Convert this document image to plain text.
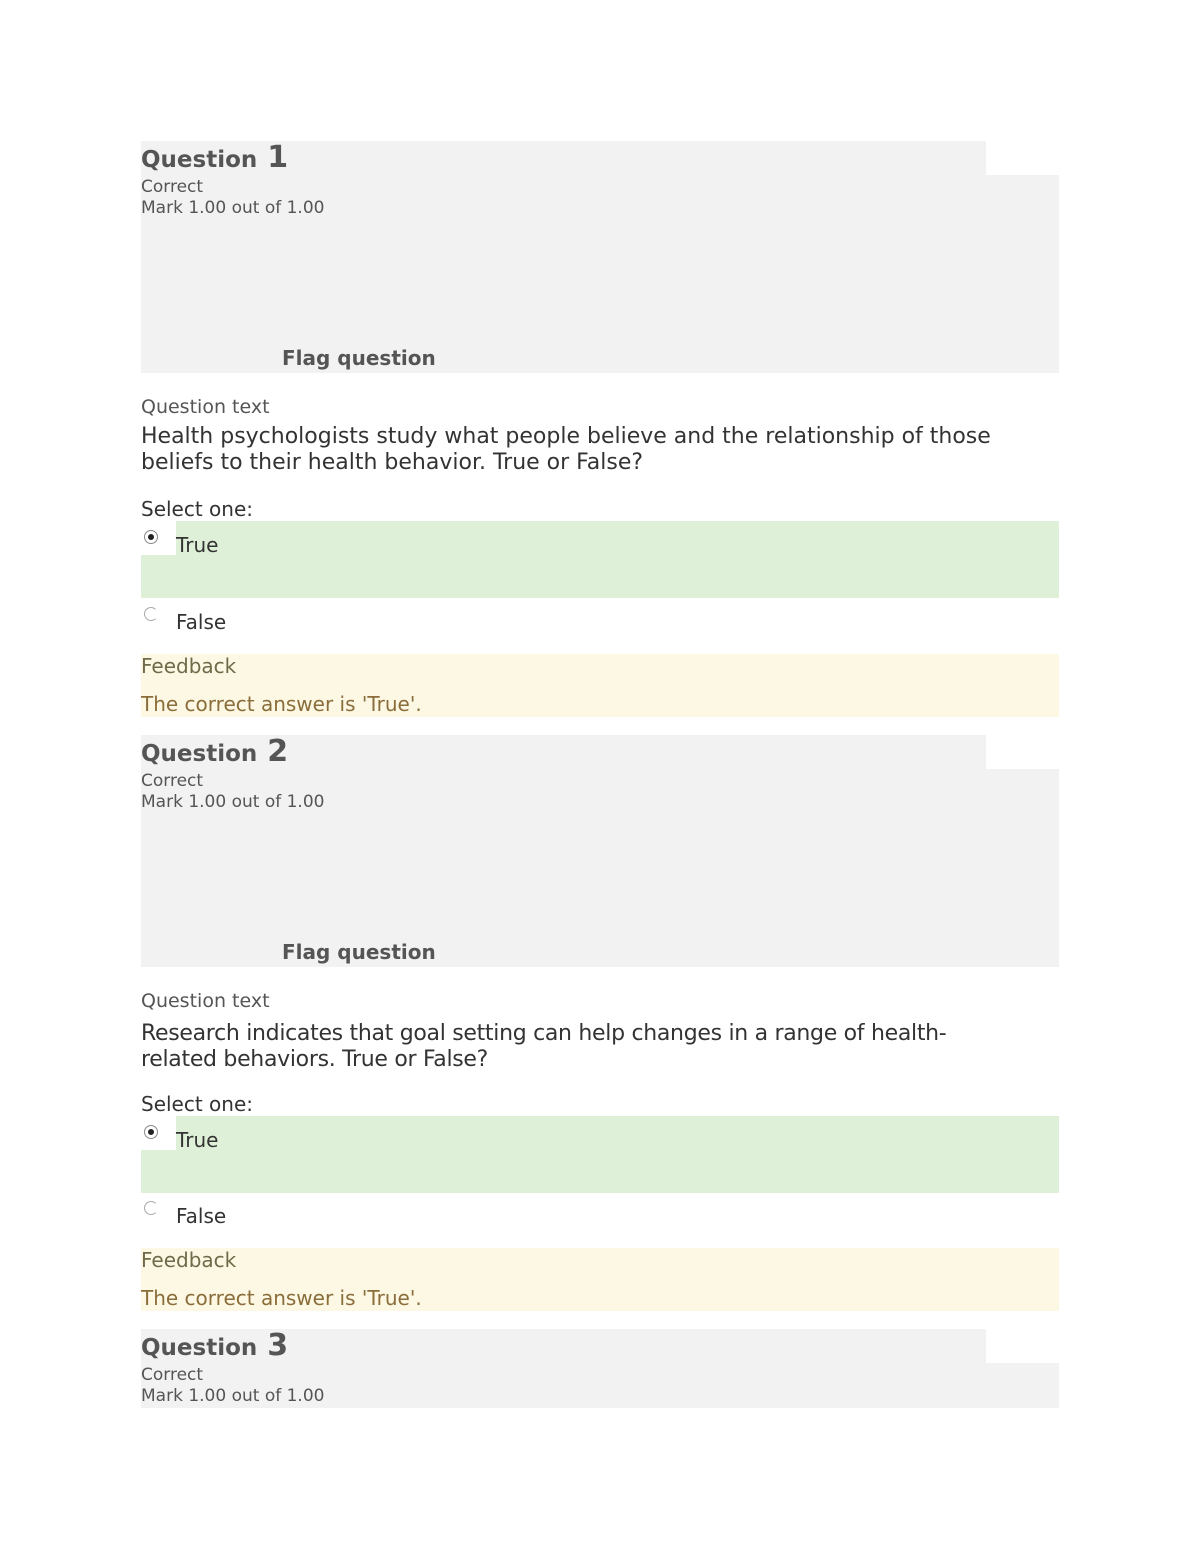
Question 1
Correct
Mark 1.00 out of 1.00
Flag question
Question text
Health psychologists study what people believe and the relationship of those beliefs to their health behavior. True or False?
Select one:
True
False
Feedback
The correct answer is 'True'.
Question 2
Correct
Mark 1.00 out of 1.00
Flag question
Question text
Research indicates that goal setting can help changes in a range of health-related behaviors. True or False?
Select one:
True
False
Feedback
The correct answer is 'True'.
Question 3
Correct
Mark 1.00 out of 1.00
